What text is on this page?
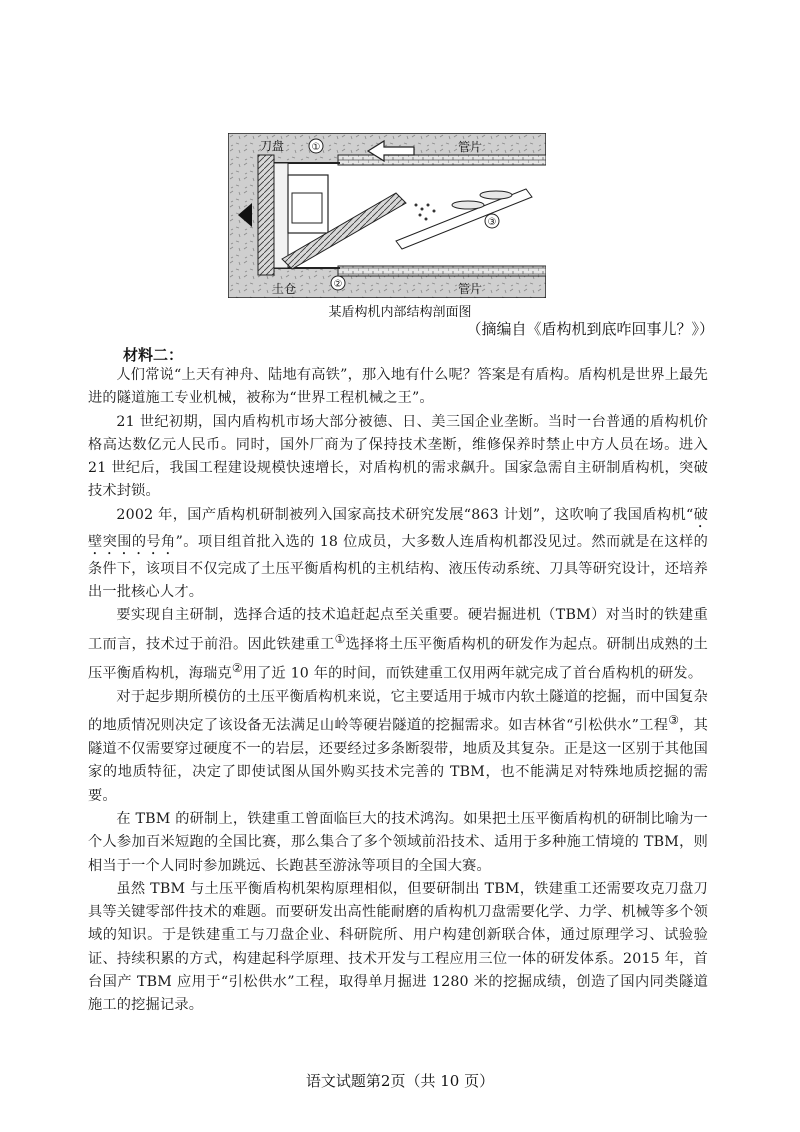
①
②
③
刀盘	管片
管片
土仓
某盾构机内部结构剖面图
（摘编自《盾构机到底咋回事儿？》）
材料二：

人们常说“上天有神舟、陆地有高铁”，那入地有什么呢？答案是有盾构。盾构机是世界上最先进的隧道施工专业机械，被称为“世界工程机械之王”。

21 世纪初期，国内盾构机市场大部分被德、日、美三国企业垄断。当时一台普通的盾构机价格高达数亿元人民币。同时，国外厂商为了保持技术垄断，维修保养时禁止中方人员在场。进入 21 世纪后，我国工程建设规模快速增长，对盾构机的需求飙升。国家急需自主研制盾构机，突破技术封锁。

2002 年，国产盾构机研制被列入国家高技术研究发展“863 计划”，这吹响了我国盾构机“破壁突围的号角”。项目组首批入选的 18 位成员，大多数人连盾构机都没见过。然而就是在这样的条件下，该项目不仅完成了土压平衡盾构机的主机结构、液压传动系统、刀具等研究设计，还培养出一批核心人才。

要实现自主研制，选择合适的技术追赶起点至关重要。硬岩掘进机（TBM）对当时的铁建重工而言，技术过于前沿。因此铁建重工①选择将土压平衡盾构机的研发作为起点。研制出成熟的土压平衡盾构机，海瑞克②用了近 10 年的时间，而铁建重工仅用两年就完成了首台盾构机的研发。

对于起步期所模仿的土压平衡盾构机来说，它主要适用于城市内软土隧道的挖掘，而中国复杂的地质情况则决定了该设备无法满足山岭等硬岩隧道的挖掘需求。如吉林省“引松供水”工程③，其隧道不仅需要穿过硬度不一的岩层，还要经过多条断裂带，地质及其复杂。正是这一区别于其他国家的地质特征，决定了即使试图从国外购买技术完善的 TBM，也不能满足对特殊地质挖掘的需要。

在 TBM 的研制上，铁建重工曾面临巨大的技术鸿沟。如果把土压平衡盾构机的研制比喻为一个人参加百米短跑的全国比赛，那么集合了多个领域前沿技术、适用于多种施工情境的 TBM，则相当于一个人同时参加跳远、长跑甚至游泳等项目的全国大赛。

虽然 TBM 与土压平衡盾构机架构原理相似，但要研制出 TBM，铁建重工还需要攻克刀盘刀具等关键零部件技术的难题。而要研发出高性能耐磨的盾构机刀盘需要化学、力学、机械等多个领域的知识。于是铁建重工与刀盘企业、科研院所、用户构建创新联合体，通过原理学习、试验验证、持续积累的方式，构建起科学原理、技术开发与工程应用三位一体的研发体系。2015 年，首台国产 TBM 应用于“引松供水”工程，取得单月掘进 1280 米的挖掘成绩，创造了国内同类隧道施工的挖掘记录。

语文试题第2页（共 10 页）
